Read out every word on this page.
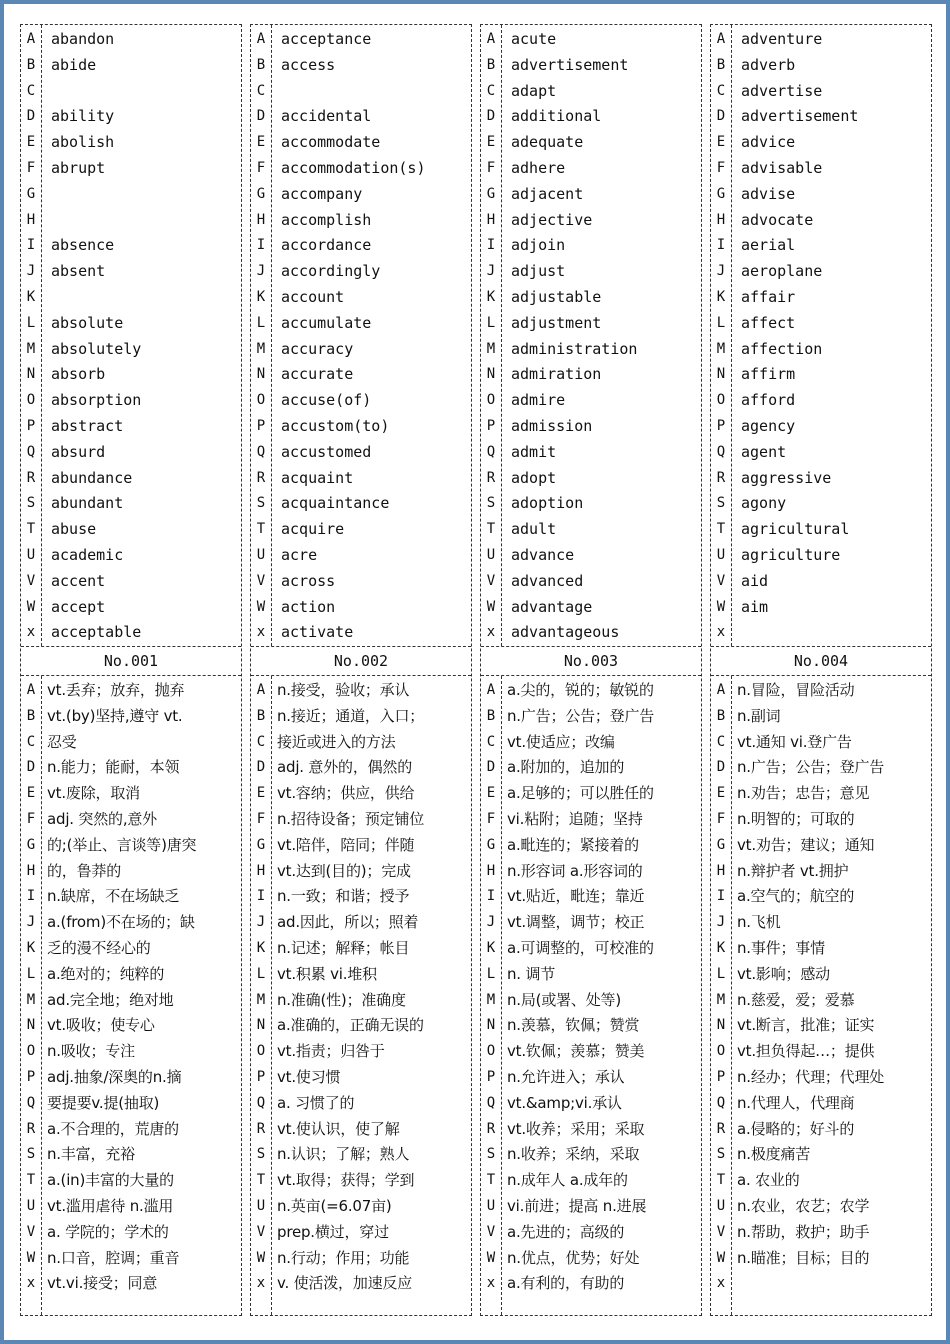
A	abandon
B	abide
C
D	ability
E	abolish
F	abrupt
G
H
I	absence
J	absent
K
L	absolute
M	absolutely
N	absorb
O	absorption
P	abstract
Q	absurd
R	abundance
S	abundant
T	abuse
U	academic
V	accent
W	accept
x	acceptable
No.001
A vt.丢弃；放弃，抛弃
B vt.(by)坚持,遵守 vt.
C 忍受
D n.能力；能耐，本领
E vt.废除，取消
F adj. 突然的,意外
G 的;(举止、言谈等)唐突
H 的，鲁莽的
I n.缺席，不在场缺乏
J a.(from)不在场的；缺
K 乏的漫不经心的
L a.绝对的；纯粹的
M ad.完全地；绝对地
N vt.吸收；使专心
O n.吸收；专注
P adj.抽象/深奥的n.摘
Q 要提要v.提(抽取)
R a.不合理的，荒唐的
S n.丰富，充裕
T a.(in)丰富的大量的
U vt.滥用虐待 n.滥用
V a. 学院的；学术的
W n.口音，腔调；重音
x vt.vi.接受；同意
A	acceptance
B	access
C
D	accidental
E	accommodate
F	accommodation(s)
G	accompany
H	accomplish
I	accordance
J	accordingly
K	account
L	accumulate
M	accuracy
N	accurate
O	accuse(of)
P	accustom(to)
Q	accustomed
R	acquaint
S	acquaintance
T	acquire
U	acre
V	across
W	action
x	activate
No.002
A n.接受，验收；承认
B n.接近；通道，入口；
C 接近或进入的方法
D adj. 意外的，偶然的
E vt.容纳；供应，供给
F n.招待设备；预定铺位
G vt.陪伴，陪同；伴随
H vt.达到(目的)；完成
I n.一致；和谐；授予
J ad.因此，所以；照着
K n.记述；解释；帐目
L vt.积累 vi.堆积
M n.准确(性)；准确度
N a.准确的，正确无误的
O vt.指责；归咎于
P vt.使习惯
Q a. 习惯了的
R vt.使认识，使了解
S n.认识；了解；熟人
T vt.取得；获得；学到
U n.英亩(=6.07亩)
V prep.横过，穿过
W n.行动；作用；功能
x v. 使活泼，加速反应
A	acute
B	advertisement
C	adapt
D	additional
E	adequate
F	adhere
G	adjacent
H	adjective
I	adjoin
J	adjust
K	adjustable
L	adjustment
M	administration
N	admiration
O	admire
P	admission
Q	admit
R	adopt
S	adoption
T	adult
U	advance
V	advanced
W	advantage
x	advantageous
No.003
A a.尖的，锐的；敏锐的
B n.广告；公告；登广告
C vt.使适应；改编
D a.附加的，追加的
E a.足够的；可以胜任的
F vi.粘附；追随；坚持
G a.毗连的；紧接着的
H n.形容词 a.形容词的
I vt.贴近，毗连；靠近
J vt.调整，调节；校正
K a.可调整的，可校准的
L n. 调节
M n.局(或署、处等)
N n.羡慕，钦佩；赞赏
O vt.钦佩；羡慕；赞美
P n.允许进入；承认
Q vt.&amp;vi.承认
R vt.收养；采用；采取
S n.收养；采纳，采取
T n.成年人 a.成年的
U vi.前进；提高 n.进展
V a.先进的；高级的
W n.优点，优势；好处
x a.有利的，有助的
A	adventure
B	adverb
C	advertise
D	advertisement
E	advice
F	advisable
G	advise
H	advocate
I	aerial
J	aeroplane
K	affair
L	affect
M	affection
N	affirm
O	afford
P	agency
Q	agent
R	aggressive
S	agony
T	agricultural
U	agriculture
V	aid
W	aim
x
No.004
A n.冒险，冒险活动
B n.副词
C vt.通知 vi.登广告
D n.广告；公告；登广告
E n.劝告；忠告；意见
F n.明智的；可取的
G vt.劝告；建议；通知
H n.辩护者 vt.拥护
I a.空气的；航空的
J n.飞机
K n.事件；事情
L vt.影响；感动
M n.慈爱，爱；爱慕
N vt.断言，批准；证实
O vt.担负得起…；提供
P n.经办；代理；代理处
Q n.代理人，代理商
R a.侵略的；好斗的
S n.极度痛苦
T a. 农业的
U n.农业，农艺；农学
V n.帮助，救护；助手
W n.瞄准；目标；目的
x
